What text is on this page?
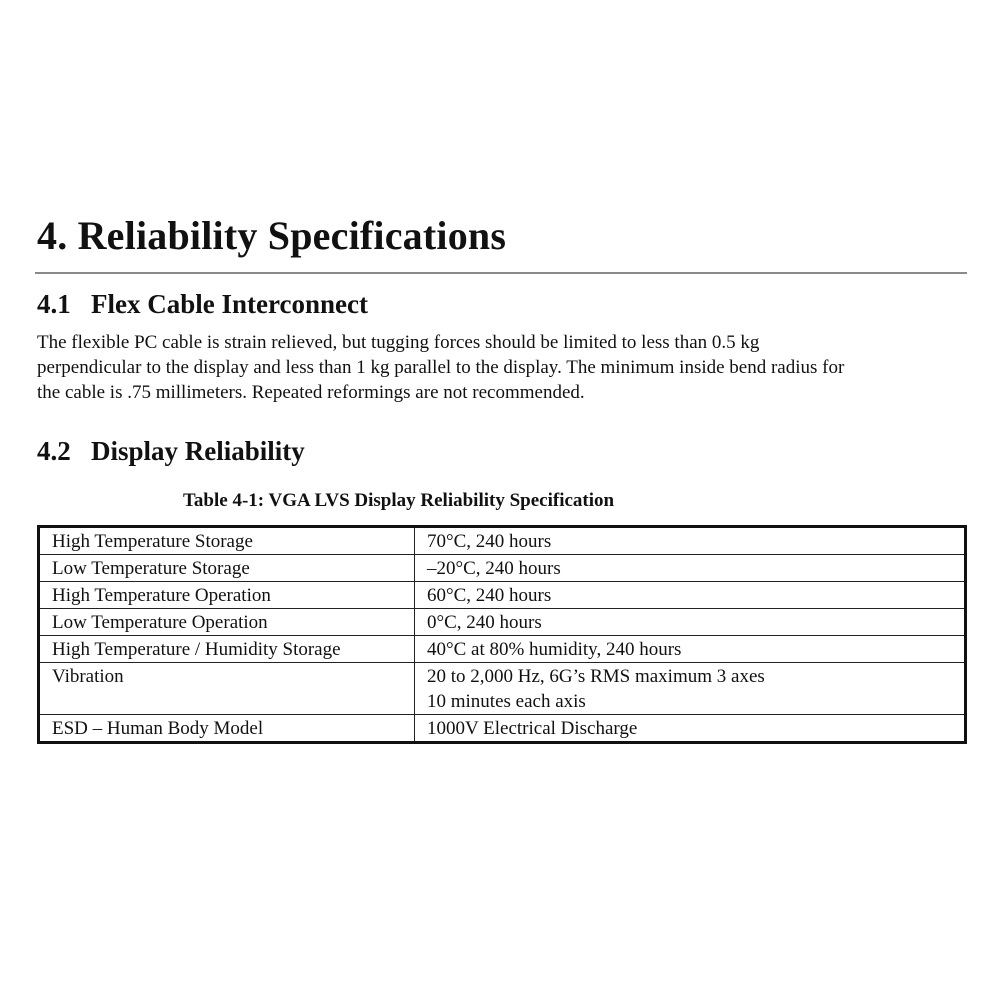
4. Reliability Specifications
4.1 Flex Cable Interconnect

The flexible PC cable is strain relieved, but tugging forces should be limited to less than 0.5 kg
perpendicular to the display and less than 1 kg parallel to the display. The minimum inside bend radius for
the cable is .75 millimeters. Repeated reformings are not recommended.

4.2 Display Reliability
Table 4-1: VGA LVS Display Reliability Specification
High Temperature Storage	70°C, 240 hours

Low Temperature Storage	–20°C, 240 hours

High Temperature Operation	60°C, 240 hours

Low Temperature Operation	0°C, 240 hours

High Temperature / Humidity Storage	40°C at 80% humidity, 240 hours

Vibration	20 to 2,000 Hz, 6G’s RMS maximum 3 axes
10 minutes each axis

ESD – Human Body Model	1000V Electrical Discharge
